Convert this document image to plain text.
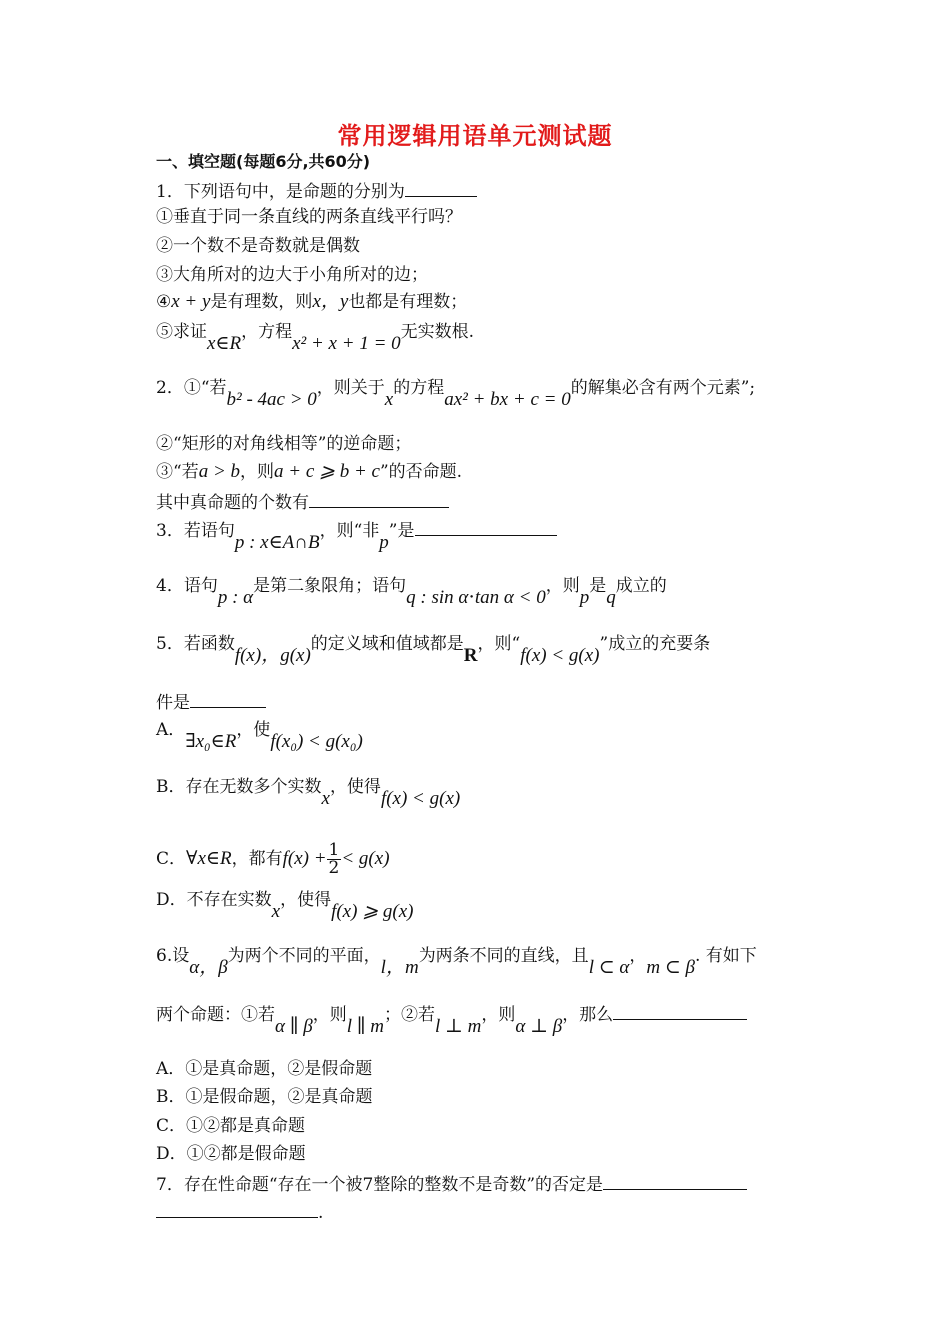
常用逻辑用语单元测试题
一、填空题(每题6分,共60分)
1．下列语句中，是命题的分别为
①垂直于同一条直线的两条直线平行吗？
②一个数不是奇数就是偶数
③大角所对的边大于小角所对的边；
④x + y是有理数，则x，y也都是有理数；
⑤求证x∈R，方程x² + x + 1 = 0无实数根.
2．①“若b² - 4ac > 0，则关于x的方程ax² + bx + c = 0的解集必含有两个元素”;
②“矩形的对角线相等”的逆命题；
③“若a > b，则a + c ⩾ b + c”的否命题.
其中真命题的个数有
3．若语句p : x∈A∩B，则“非p”是
4．语句p : α是第二象限角；语句q : sin α⋅tan α < 0，则p是q成立的
5．若函数f(x)，g(x)的定义域和值域都是R，则“f(x) < g(x)”成立的充要条
件是
A．∃x₀∈R，使f(x₀) < g(x₀)
B．存在无数多个实数x，使得f(x) < g(x)
C．∀x∈R，都有$f(x) + \frac{1}{2} < g(x)$
D．不存在实数x，使得f(x) ⩾ g(x)
6.设α，β为两个不同的平面，l，m为两条不同的直线，且l ⊂ α，m ⊂ β. 有如下
两个命题：①若α ∥ β，则l ∥ m；②若l ⊥ m，则α ⊥ β，那么
A．①是真命题，②是假命题
B．①是假命题，②是真命题
C．①②都是真命题
D．①②都是假命题
7．存在性命题“存在一个被7整除的整数不是奇数”的否定是
.
